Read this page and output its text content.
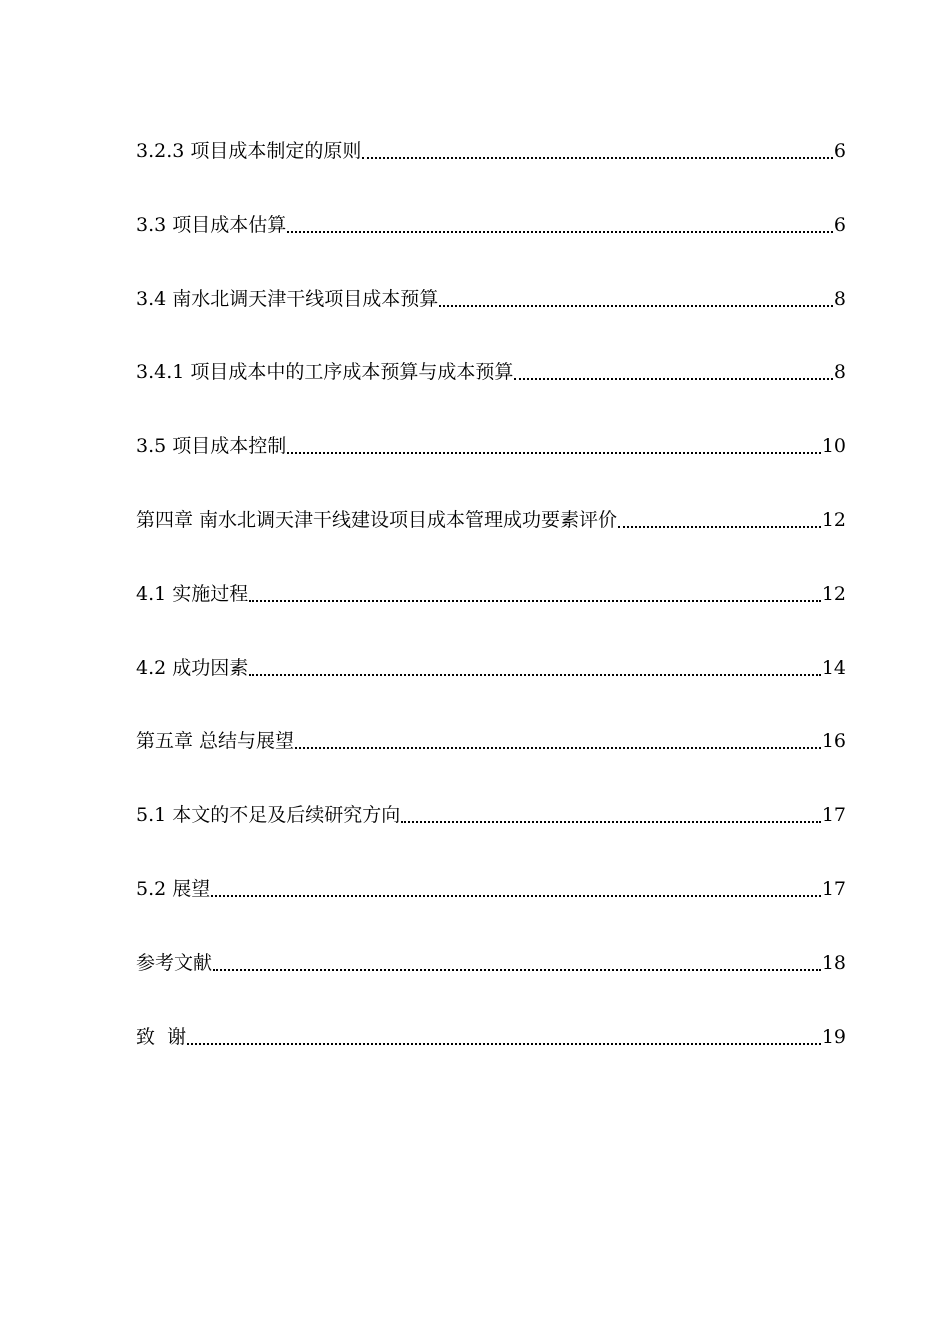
3.2.3 项目成本制定的原则	6
3.3 项目成本估算	6
3.4 南水北调天津干线项目成本预算	8
3.4.1 项目成本中的工序成本预算与成本预算	8
3.5 项目成本控制	10
第四章 南水北调天津干线建设项目成本管理成功要素评价	12
4.1 实施过程	12
4.2 成功因素	14
第五章 总结与展望	16
5.1 本文的不足及后续研究方向	17
5.2 展望	17
参考文献	18
致  谢	19
